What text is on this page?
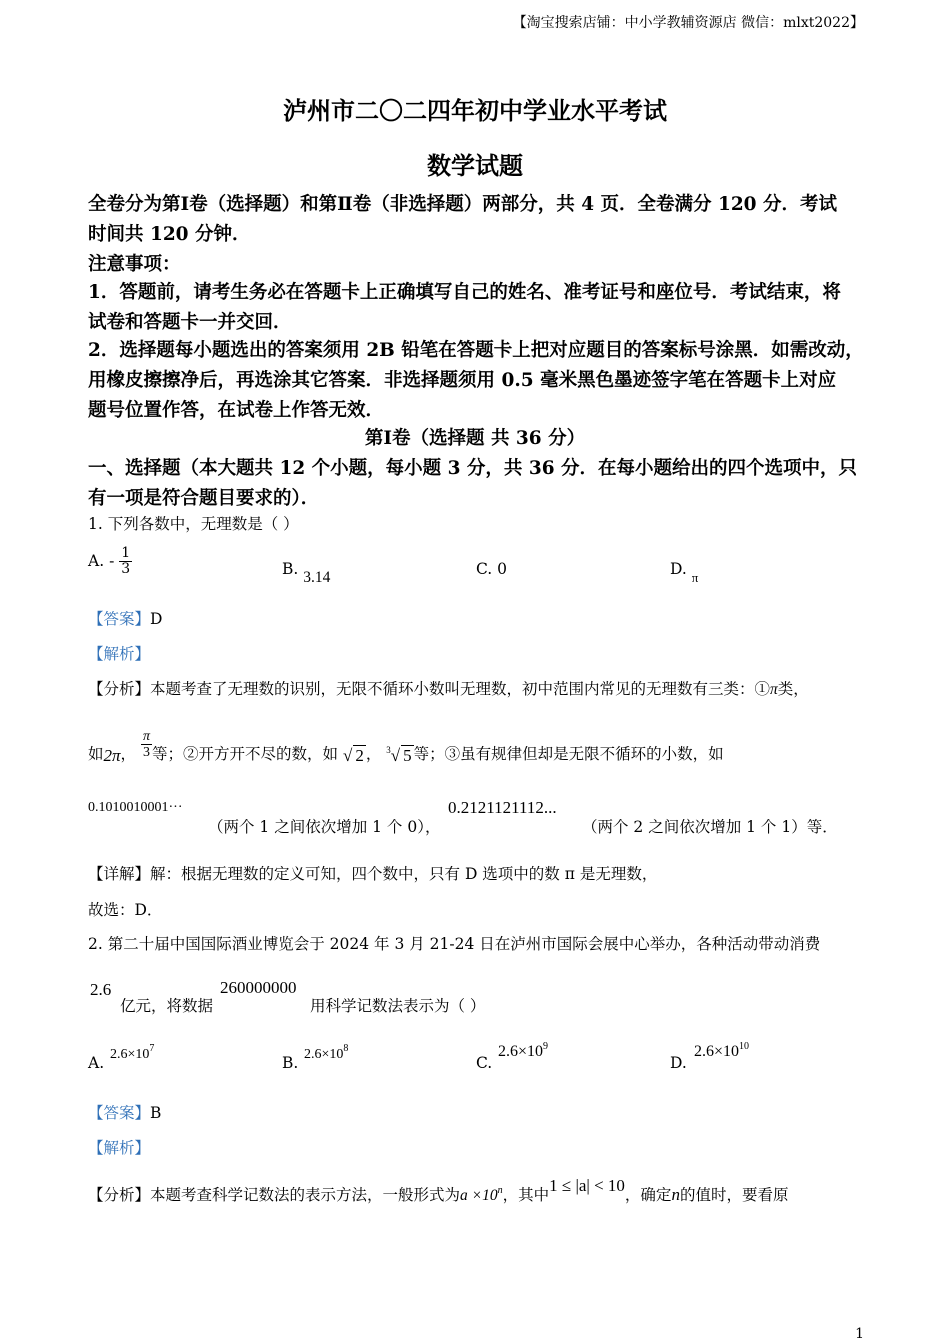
【淘宝搜索店铺：中小学教辅资源店 微信：mlxt2022】
泸州市二〇二四年初中学业水平考试
数学试题
全卷分为第Ⅰ卷（选择题）和第Ⅱ卷（非选择题）两部分，共 4 页．全卷满分 120 分．考试
时间共 120 分钟．
注意事项：
1．答题前，请考生务必在答题卡上正确填写自己的姓名、准考证号和座位号．考试结束，将
试卷和答题卡一并交回．
2．选择题每小题选出的答案须用 2B 铅笔在答题卡上把对应题目的答案标号涂黑．如需改动，
用橡皮擦擦净后，再选涂其它答案．非选择题须用 0.5 毫米黑色墨迹签字笔在答题卡上对应
题号位置作答，在试卷上作答无效．
第Ⅰ卷（选择题 共 36 分）
一、选择题（本大题共 12 个小题，每小题 3 分，共 36 分．在每小题给出的四个选项中，只
有一项是符合题目要求的）．
1. 下列各数中，无理数是（ ）
A. - $\frac{1}{3}$	B. 3.14	C. 0	D. $_\pi$
【答案】D
【解析】
【分析】本题考查了无理数的识别，无限不循环小数叫无理数，初中范围内常见的无理数有三类：①π类，
如2π， $\frac{\pi}{3}$ 等；②开方开不尽的数，如 √ 2 ， $^3$√ 5 等；③虽有规律但却是无限不循环的小数，如
0.1010010001···
（两个 1 之间依次增加 1 个 0），
0.2121121112...
（两个 2 之间依次增加 1 个 1）等．
【详解】解：根据无理数的定义可知，四个数中，只有 D 选项中的数 π 是无理数，
故选：D．
2. 第二十届中国国际酒业博览会于 2024 年 3 月 21-24 日在泸州市国际会展中心举办，各种活动带动消费
2.6
亿元，将数据
260000000
用科学记数法表示为（ ）
A. $2.6\times 10^7$
B. $2.6\times 10^8$
C.
$2.6\times 10^9$
D.
$2.6\times 10^{10}$
【答案】B
【解析】
【分析】本题考查科学记数法的表示方法，一般形式为$a \times 10^n$，其中1 ≤ |a| < 10，确定n的值时，要看原
1
